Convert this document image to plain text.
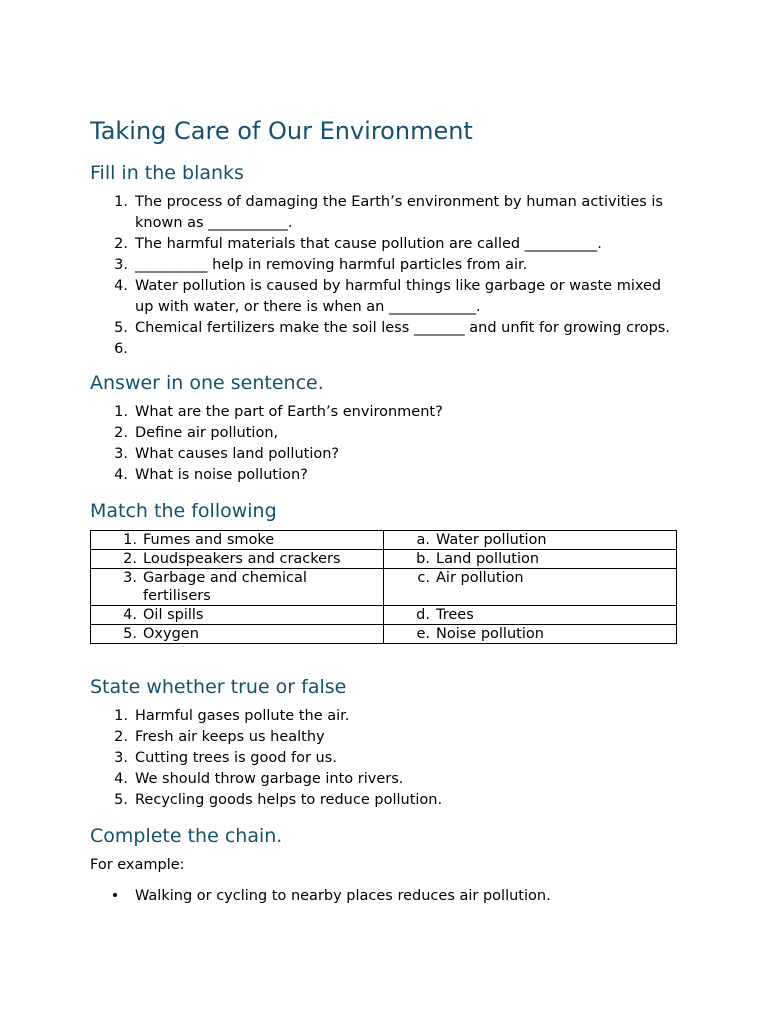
Taking Care of Our Environment
Fill in the blanks
1 . The process of damaging the Earth’s environment by human activities is known as ___________.
2 . The harmful materials that cause pollution are called __________.
3 . __________ help in removing harmful particles from air.
4 . Water pollution is caused by harmful things like garbage or waste mixed up with water, or there is when an ____________.
5 . Chemical fertilizers make the soil less _______ and unfit for growing crops.
6 .
Answer in one sentence.
1 . What are the part of Earth’s environment?
2 . Define air pollution,
3 . What causes land pollution?
4 . What is noise pollution?
Match the following
1 . Fumes and smoke	a . Water pollution

2 . Loudspeakers and crackers	b . Land pollution

3 . Garbage and chemical fertilisers	c . Air pollution

4 . Oil spills	d . Trees

5 . Oxygen	e . Noise pollution
State whether true or false
1 . Harmful gases pollute the air.
2 . Fresh air keeps us healthy
3 . Cutting trees is good for us.
4 . We should throw garbage into rivers.
5 . Recycling goods helps to reduce pollution.
Complete the chain.

For example:

• Walking or cycling to nearby places reduces air pollution.
